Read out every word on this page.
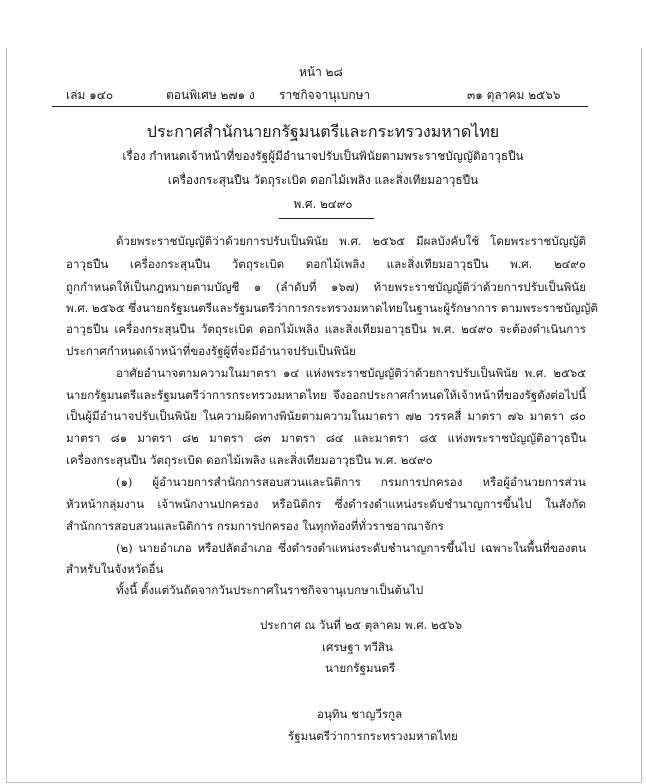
หน้า ๒๘
เล่ม ๑๔๐	ตอนพิเศษ ๒๗๑ ง ราชกิจจานุเบกษา	๓๑ ตุลาคม ๒๕๖๖
ประกาศสำนักนายกรัฐมนตรีและกระทรวงมหาดไทย
เรื่อง กำหนดเจ้าหน้าที่ของรัฐผู้มีอำนาจปรับเป็นพินัยตามพระราชบัญญัติอาวุธปืน
เครื่องกระสุนปืน วัตถุระเบิด ดอกไม้เพลิง และสิ่งเทียมอาวุธปืน
พ.ศ. ๒๔๙๐
ด้วยพระราชบัญญัติว่าด้วยการปรับเป็นพินัย พ.ศ. ๒๕๖๕ มีผลบังคับใช้ โดยพระราชบัญญัติ
อาวุธปืน เครื่องกระสุนปืน วัตถุระเบิด ดอกไม้เพลิง และสิ่งเทียมอาวุธปืน พ.ศ. ๒๔๙๐
ถูกกำหนดให้เป็นกฎหมายตามบัญชี ๑ (ลำดับที่ ๑๖๗) ท้ายพระราชบัญญัติว่าด้วยการปรับเป็นพินัย
พ.ศ. ๒๕๖๕ ซึ่งนายกรัฐมนตรีและรัฐมนตรีว่าการกระทรวงมหาดไทยในฐานะผู้รักษาการ ตามพระราชบัญญัติ
อาวุธปืน เครื่องกระสุนปืน วัตถุระเบิด ดอกไม้เพลิง และสิ่งเทียมอาวุธปืน พ.ศ. ๒๔๙๐ จะต้องดำเนินการ
ประกาศกำหนดเจ้าหน้าที่ของรัฐผู้ที่จะมีอำนาจปรับเป็นพินัย
อาศัยอำนาจตามความในมาตรา ๑๔ แห่งพระราชบัญญัติว่าด้วยการปรับเป็นพินัย พ.ศ. ๒๕๖๕
นายกรัฐมนตรีและรัฐมนตรีว่าการกระทรวงมหาดไทย จึงออกประกาศกำหนดให้เจ้าหน้าที่ของรัฐดังต่อไปนี้
เป็นผู้มีอำนาจปรับเป็นพินัย ในความผิดทางพินัยตามความในมาตรา ๗๒ วรรคสี่ มาตรา ๗๖ มาตรา ๘๐
มาตรา ๘๑ มาตรา ๘๒ มาตรา ๘๓ มาตรา ๘๔ และมาตรา ๘๕ แห่งพระราชบัญญัติอาวุธปืน
เครื่องกระสุนปืน วัตถุระเบิด ดอกไม้เพลิง และสิ่งเทียมอาวุธปืน พ.ศ. ๒๔๙๐
(๑) ผู้อำนวยการสำนักการสอบสวนและนิติการ กรมการปกครอง หรือผู้อำนวยการส่วน
หัวหน้ากลุ่มงาน เจ้าพนักงานปกครอง หรือนิติกร ซึ่งดำรงตำแหน่งระดับชำนาญการขึ้นไป ในสังกัด
สำนักการสอบสวนและนิติการ กรมการปกครอง ในทุกท้องที่ทั่วราชอาณาจักร
(๒) นายอำเภอ หรือปลัดอำเภอ ซึ่งดำรงตำแหน่งระดับชำนาญการขึ้นไป เฉพาะในพื้นที่ของตน
สำหรับในจังหวัดอื่น
ทั้งนี้ ตั้งแต่วันถัดจากวันประกาศในราชกิจจานุเบกษาเป็นต้นไป
ประกาศ ณ วันที่ ๒๕ ตุลาคม พ.ศ. ๒๕๖๖
เศรษฐา ทวีสิน
นายกรัฐมนตรี
อนุทิน ชาญวีรกูล
รัฐมนตรีว่าการกระทรวงมหาดไทย
